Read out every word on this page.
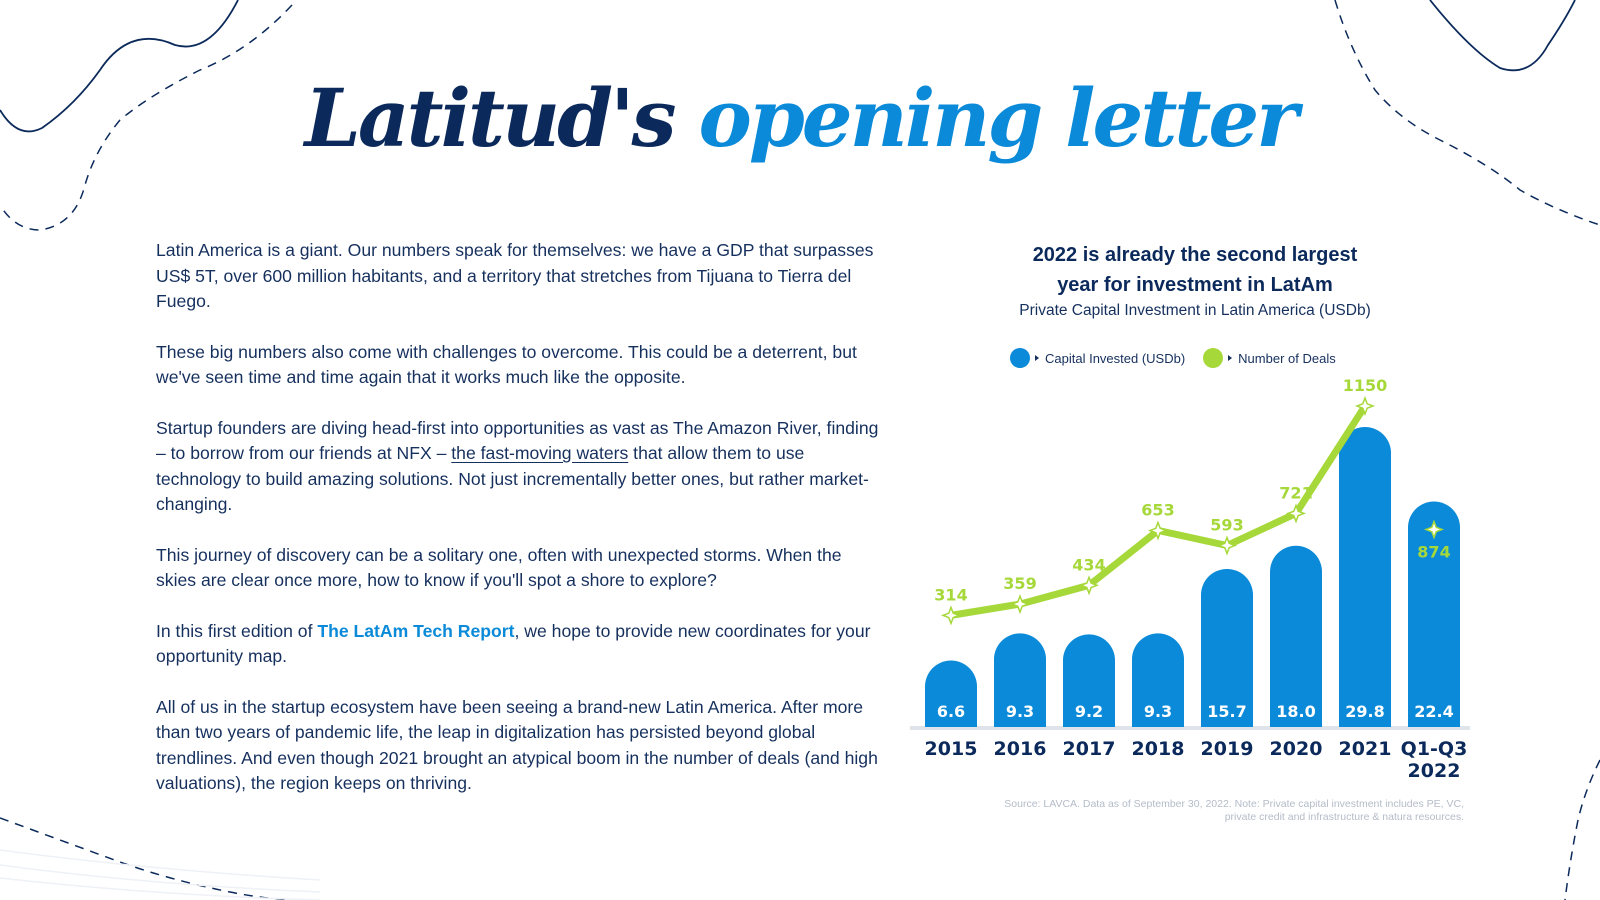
Latitud's opening letter

Latin America is a giant. Our numbers speak for themselves: we have a GDP that surpasses US$ 5T, over 600 million habitants, and a territory that stretches from Tijuana to Tierra del Fuego.

These big numbers also come with challenges to overcome. This could be a deterrent, but we've seen time and time again that it works much like the opposite.

Startup founders are diving head-first into opportunities as vast as The Amazon River, finding – to borrow from our friends at NFX – the fast-moving waters that allow them to use technology to build amazing solutions. Not just incrementally better ones, but rather market-changing.

This journey of discovery can be a solitary one, often with unexpected storms. When the skies are clear once more, how to know if you'll spot a shore to explore?

In this first edition of The LatAm Tech Report, we hope to provide new coordinates for your opportunity map.

All of us in the startup ecosystem have been seeing a brand-new Latin America. After more than two years of pandemic life, the leap in digitalization has persisted beyond global trendlines. And even though 2021 brought an atypical boom in the number of deals (and high valuations), the region keeps on thriving.

2022 is already the second largest
year for investment in LatAm
Private Capital Investment in Latin America (USDb)
Capital Invested (USDb)	Number of Deals
6.6	9.3	9.2	9.3 15.7 18.0 29.8 22.4
314
359
434
653
593
721
1150
874
2015 2016 2017 2018 2019 2020 2021 Q1-Q3
2022
Source: LAVCA. Data as of September 30, 2022. Note: Private capital investment includes PE, VC, private credit and infrastructure & natura resources.
